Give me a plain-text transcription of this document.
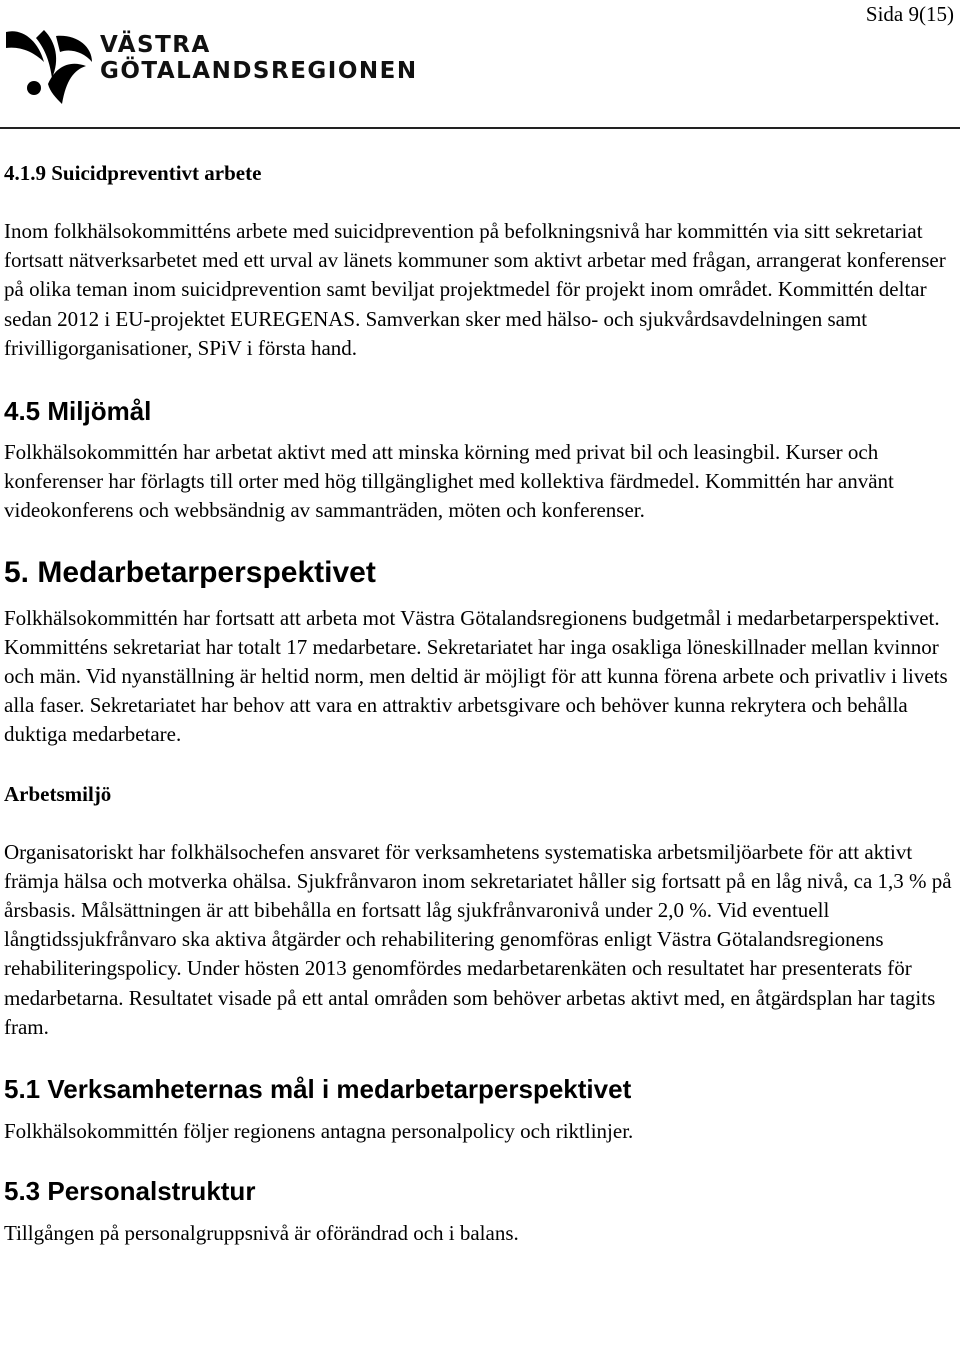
Sida 9(15)
VÄSTRA
GÖTALANDSREGIONEN
4.1.9 Suicidpreventivt arbete

Inom folkhälsokommitténs arbete med suicidprevention på befolkningsnivå har kommittén via sitt sekretariat fortsatt nätverksarbetet med ett urval av länets kommuner som aktivt arbetar med frågan, arrangerat konferenser på olika teman inom suicidprevention samt beviljat projektmedel för projekt inom området. Kommittén deltar sedan 2012 i EU-projektet EUREGENAS. Samverkan sker med hälso- och sjukvårdsavdelningen samt frivilligorganisationer, SPiV i första hand.

4.5 Miljömål

Folkhälsokommittén har arbetat aktivt med att minska körning med privat bil och leasingbil. Kurser och konferenser har förlagts till orter med hög tillgänglighet med kollektiva färdmedel. Kommittén har använt videokonferens och webbsändnig av sammanträden, möten och konferenser.

5. Medarbetarperspektivet

Folkhälsokommittén har fortsatt att arbeta mot Västra Götalandsregionens budgetmål i medarbetarperspektivet. Kommitténs sekretariat har totalt 17 medarbetare. Sekretariatet har inga osakliga löneskillnader mellan kvinnor och män. Vid nyanställning är heltid norm, men deltid är möjligt för att kunna förena arbete och privatliv i livets alla faser. Sekretariatet har behov att vara en attraktiv arbetsgivare och behöver kunna rekrytera och behålla duktiga medarbetare.

Arbetsmiljö

Organisatoriskt har folkhälsochefen ansvaret för verksamhetens systematiska arbetsmiljöarbete för att aktivt främja hälsa och motverka ohälsa. Sjukfrånvaron inom sekretariatet håller sig fortsatt på en låg nivå, ca 1,3 % på årsbasis. Målsättningen är att bibehålla en fortsatt låg sjukfrånvaronivå under 2,0 %. Vid eventuell långtidssjukfrånvaro ska aktiva åtgärder och rehabilitering genomföras enligt Västra Götalandsregionens rehabiliteringspolicy. Under hösten 2013 genomfördes medarbetarenkäten och resultatet har presenterats för medarbetarna. Resultatet visade på ett antal områden som behöver arbetas aktivt med, en åtgärdsplan har tagits fram.

5.1 Verksamheternas mål i medarbetarperspektivet

Folkhälsokommittén följer regionens antagna personalpolicy och riktlinjer.

5.3 Personalstruktur

Tillgången på personalgruppsnivå är oförändrad och i balans.
